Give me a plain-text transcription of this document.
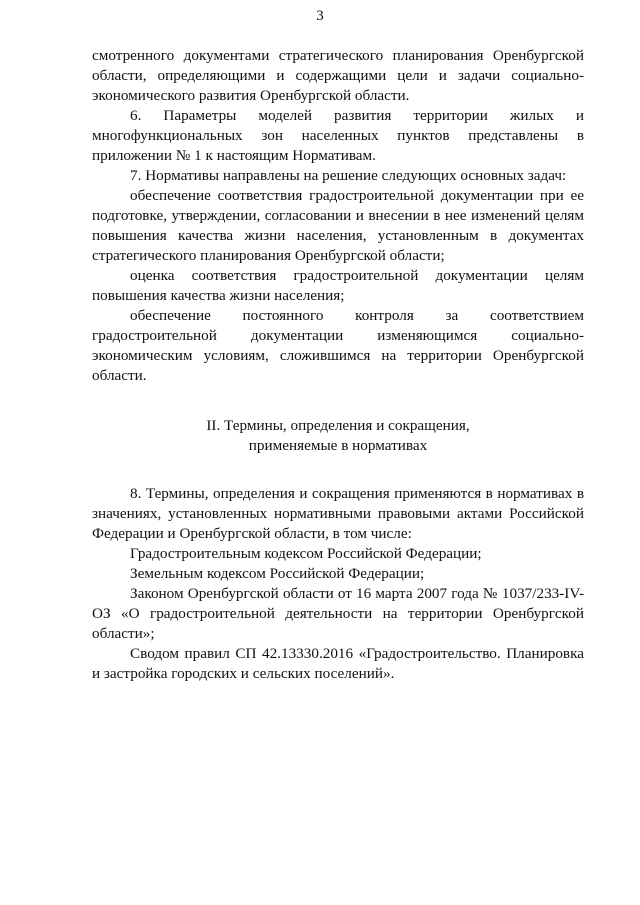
3

смотренного документами стратегического планирования Оренбургской области, определяющими и содержащими цели и задачи социально-экономического развития Оренбургской области.

6. Параметры моделей развития территории жилых и многофункциональных зон населенных пунктов представлены в приложении № 1 к настоящим Нормативам.

7. Нормативы направлены на решение следующих основных задач:

обеспечение соответствия градостроительной документации при ее подготовке, утверждении, согласовании и внесении в нее изменений целям повышения качества жизни населения, установленным в документах стратегического планирования Оренбургской области;

оценка соответствия градостроительной документации целям повышения качества жизни населения;

обеспечение постоянного контроля за соответствием градостроительной документации изменяющимся социально-экономическим условиям, сложившимся на территории Оренбургской области.

II. Термины, определения и сокращения,
применяемые в нормативах

8. Термины, определения и сокращения применяются в нормативах в значениях, установленных нормативными правовыми актами Российской Федерации и Оренбургской области, в том числе:

Градостроительным кодексом Российской Федерации;

Земельным кодексом Российской Федерации;

Законом Оренбургской области от 16 марта 2007 года № 1037/233-IV-ОЗ «О градостроительной деятельности на территории Оренбургской области»;

Сводом правил СП 42.13330.2016 «Градостроительство. Планировка и застройка городских и сельских поселений».
